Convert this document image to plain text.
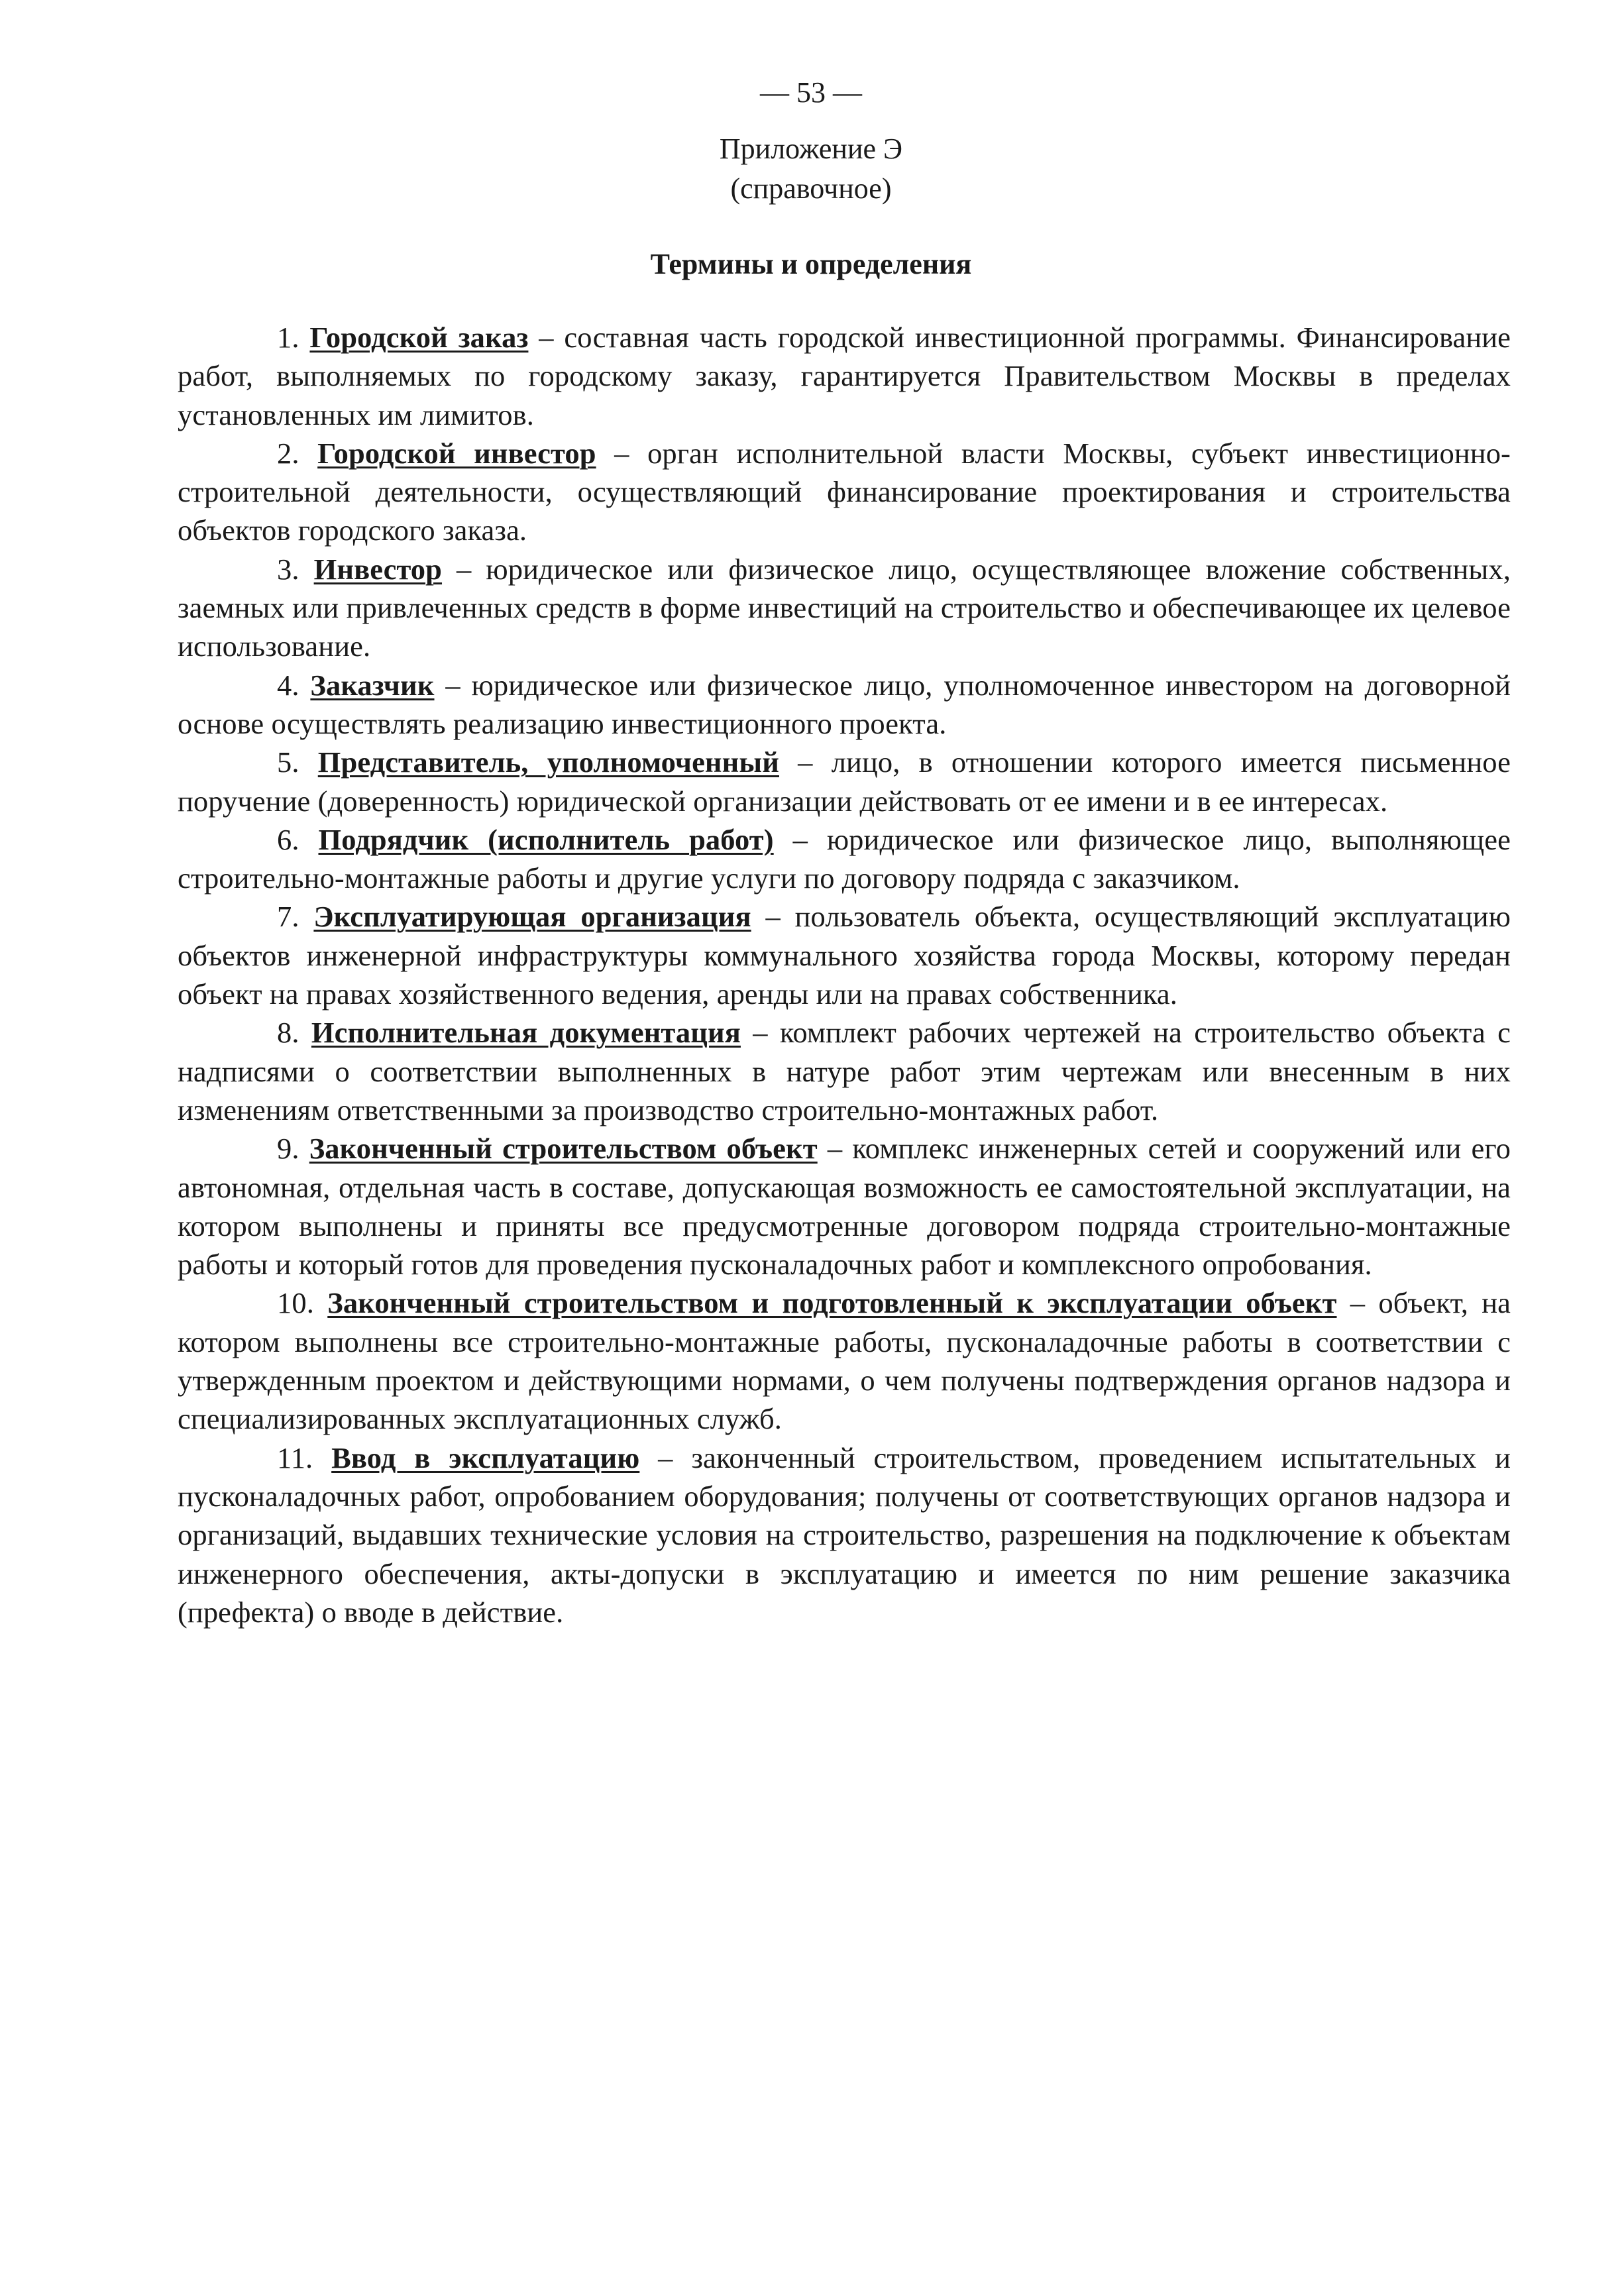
— 53 —
Приложение Э
(справочное)
Термины и определения

1. Городской заказ – составная часть городской инвестиционной программы. Финансирование работ, выполняемых по городскому заказу, гарантируется Правительством Москвы в пределах установленных им лимитов.

2. Городской инвестор – орган исполнительной власти Москвы, субъект инвестиционно-строительной деятельности, осуществляющий финансирование проектирования и строительства объектов городского заказа.

3. Инвестор – юридическое или физическое лицо, осуществляющее вложение собственных, заемных или привлеченных средств в форме инвестиций на строительство и обеспечивающее их целевое использование.

4. Заказчик – юридическое или физическое лицо, уполномоченное инвестором на договорной основе осуществлять реализацию инвестиционного проекта.

5. Представитель, уполномоченный – лицо, в отношении которого имеется письменное поручение (доверенность) юридической организации действовать от ее имени и в ее интересах.

6. Подрядчик (исполнитель работ) – юридическое или физическое лицо, выполняющее строительно-монтажные работы и другие услуги по договору подряда с заказчиком.

7. Эксплуатирующая организация – пользователь объекта, осуществляющий эксплуатацию объектов инженерной инфраструктуры коммунального хозяйства города Москвы, которому передан объект на правах хозяйственного ведения, аренды или на правах собственника.

8. Исполнительная документация – комплект рабочих чертежей на строительство объекта с надписями о соответствии выполненных в натуре работ этим чертежам или внесенным в них изменениям ответственными за производство строительно-монтажных работ.

9. Законченный строительством объект – комплекс инженерных сетей и сооружений или его автономная, отдельная часть в составе, допускающая возможность ее самостоятельной эксплуатации, на котором выполнены и приняты все предусмотренные договором подряда строительно-монтажные работы и который готов для проведения пусконаладочных работ и комплексного опробования.

10. Законченный строительством и подготовленный к эксплуатации объект – объект, на котором выполнены все строительно-монтажные работы, пусконаладочные работы в соответствии с утвержденным проектом и действующими нормами, о чем получены подтверждения органов надзора и специализированных эксплуатационных служб.

11. Ввод в эксплуатацию – законченный строительством, проведением испытательных и пусконаладочных работ, опробованием оборудования; получены от соответствующих органов надзора и организаций, выдавших технические условия на строительство, разрешения на подключение к объектам инженерного обеспечения, акты-допуски в эксплуатацию и имеется по ним решение заказчика (префекта) о вводе в действие.
